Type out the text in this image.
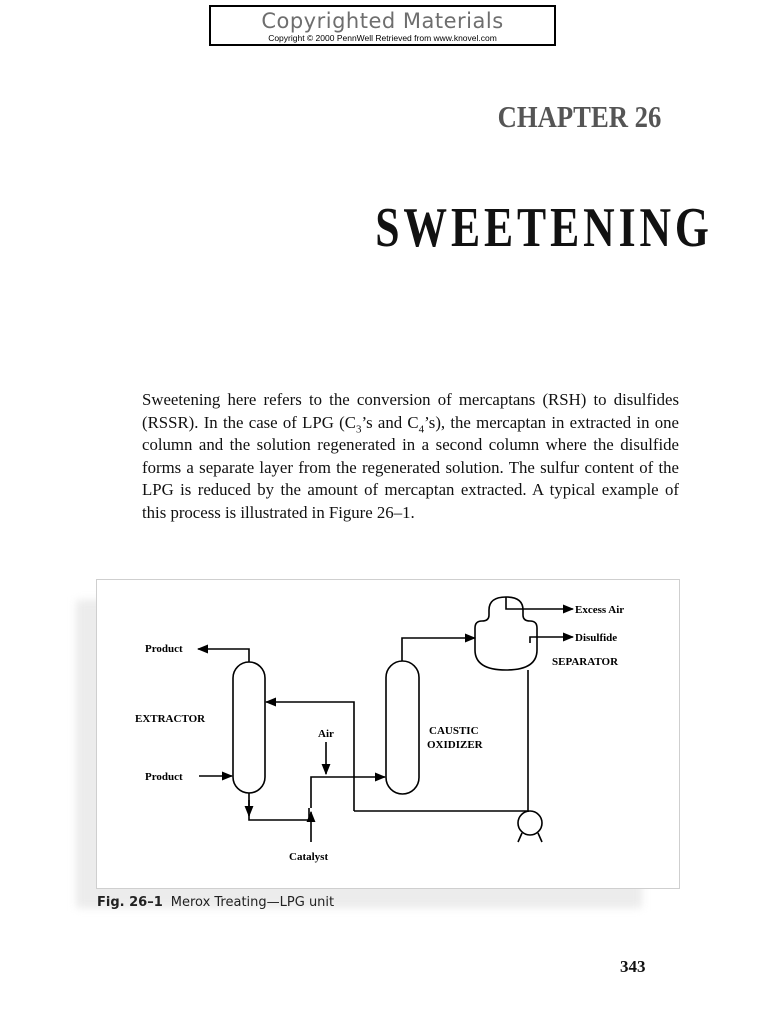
Copyrighted Materials
Copyright © 2000 PennWell Retrieved from www.knovel.com
CHAPTER 26
SWEETENING

Sweetening here refers to the conversion of mercaptans (RSH) to disulfides (RSSR). In the case of LPG ($C_3’s$ and $C_4’s$), the mercaptan in extracted in one column and the solution regenerated in a second column where the disulfide forms a separate layer from the regenerated solution. The sulfur content of the LPG is reduced by the amount of mercaptan extracted. A typical example of this process is illustrated in Figure 26–1.

Excess Air
Disulfide
SEPARATOR
Product
EXTRACTOR
Air	CAUSTIC
OXIDIZER
Product
Catalyst
Fig. 26–1 Merox Treating—LPG unit
343
